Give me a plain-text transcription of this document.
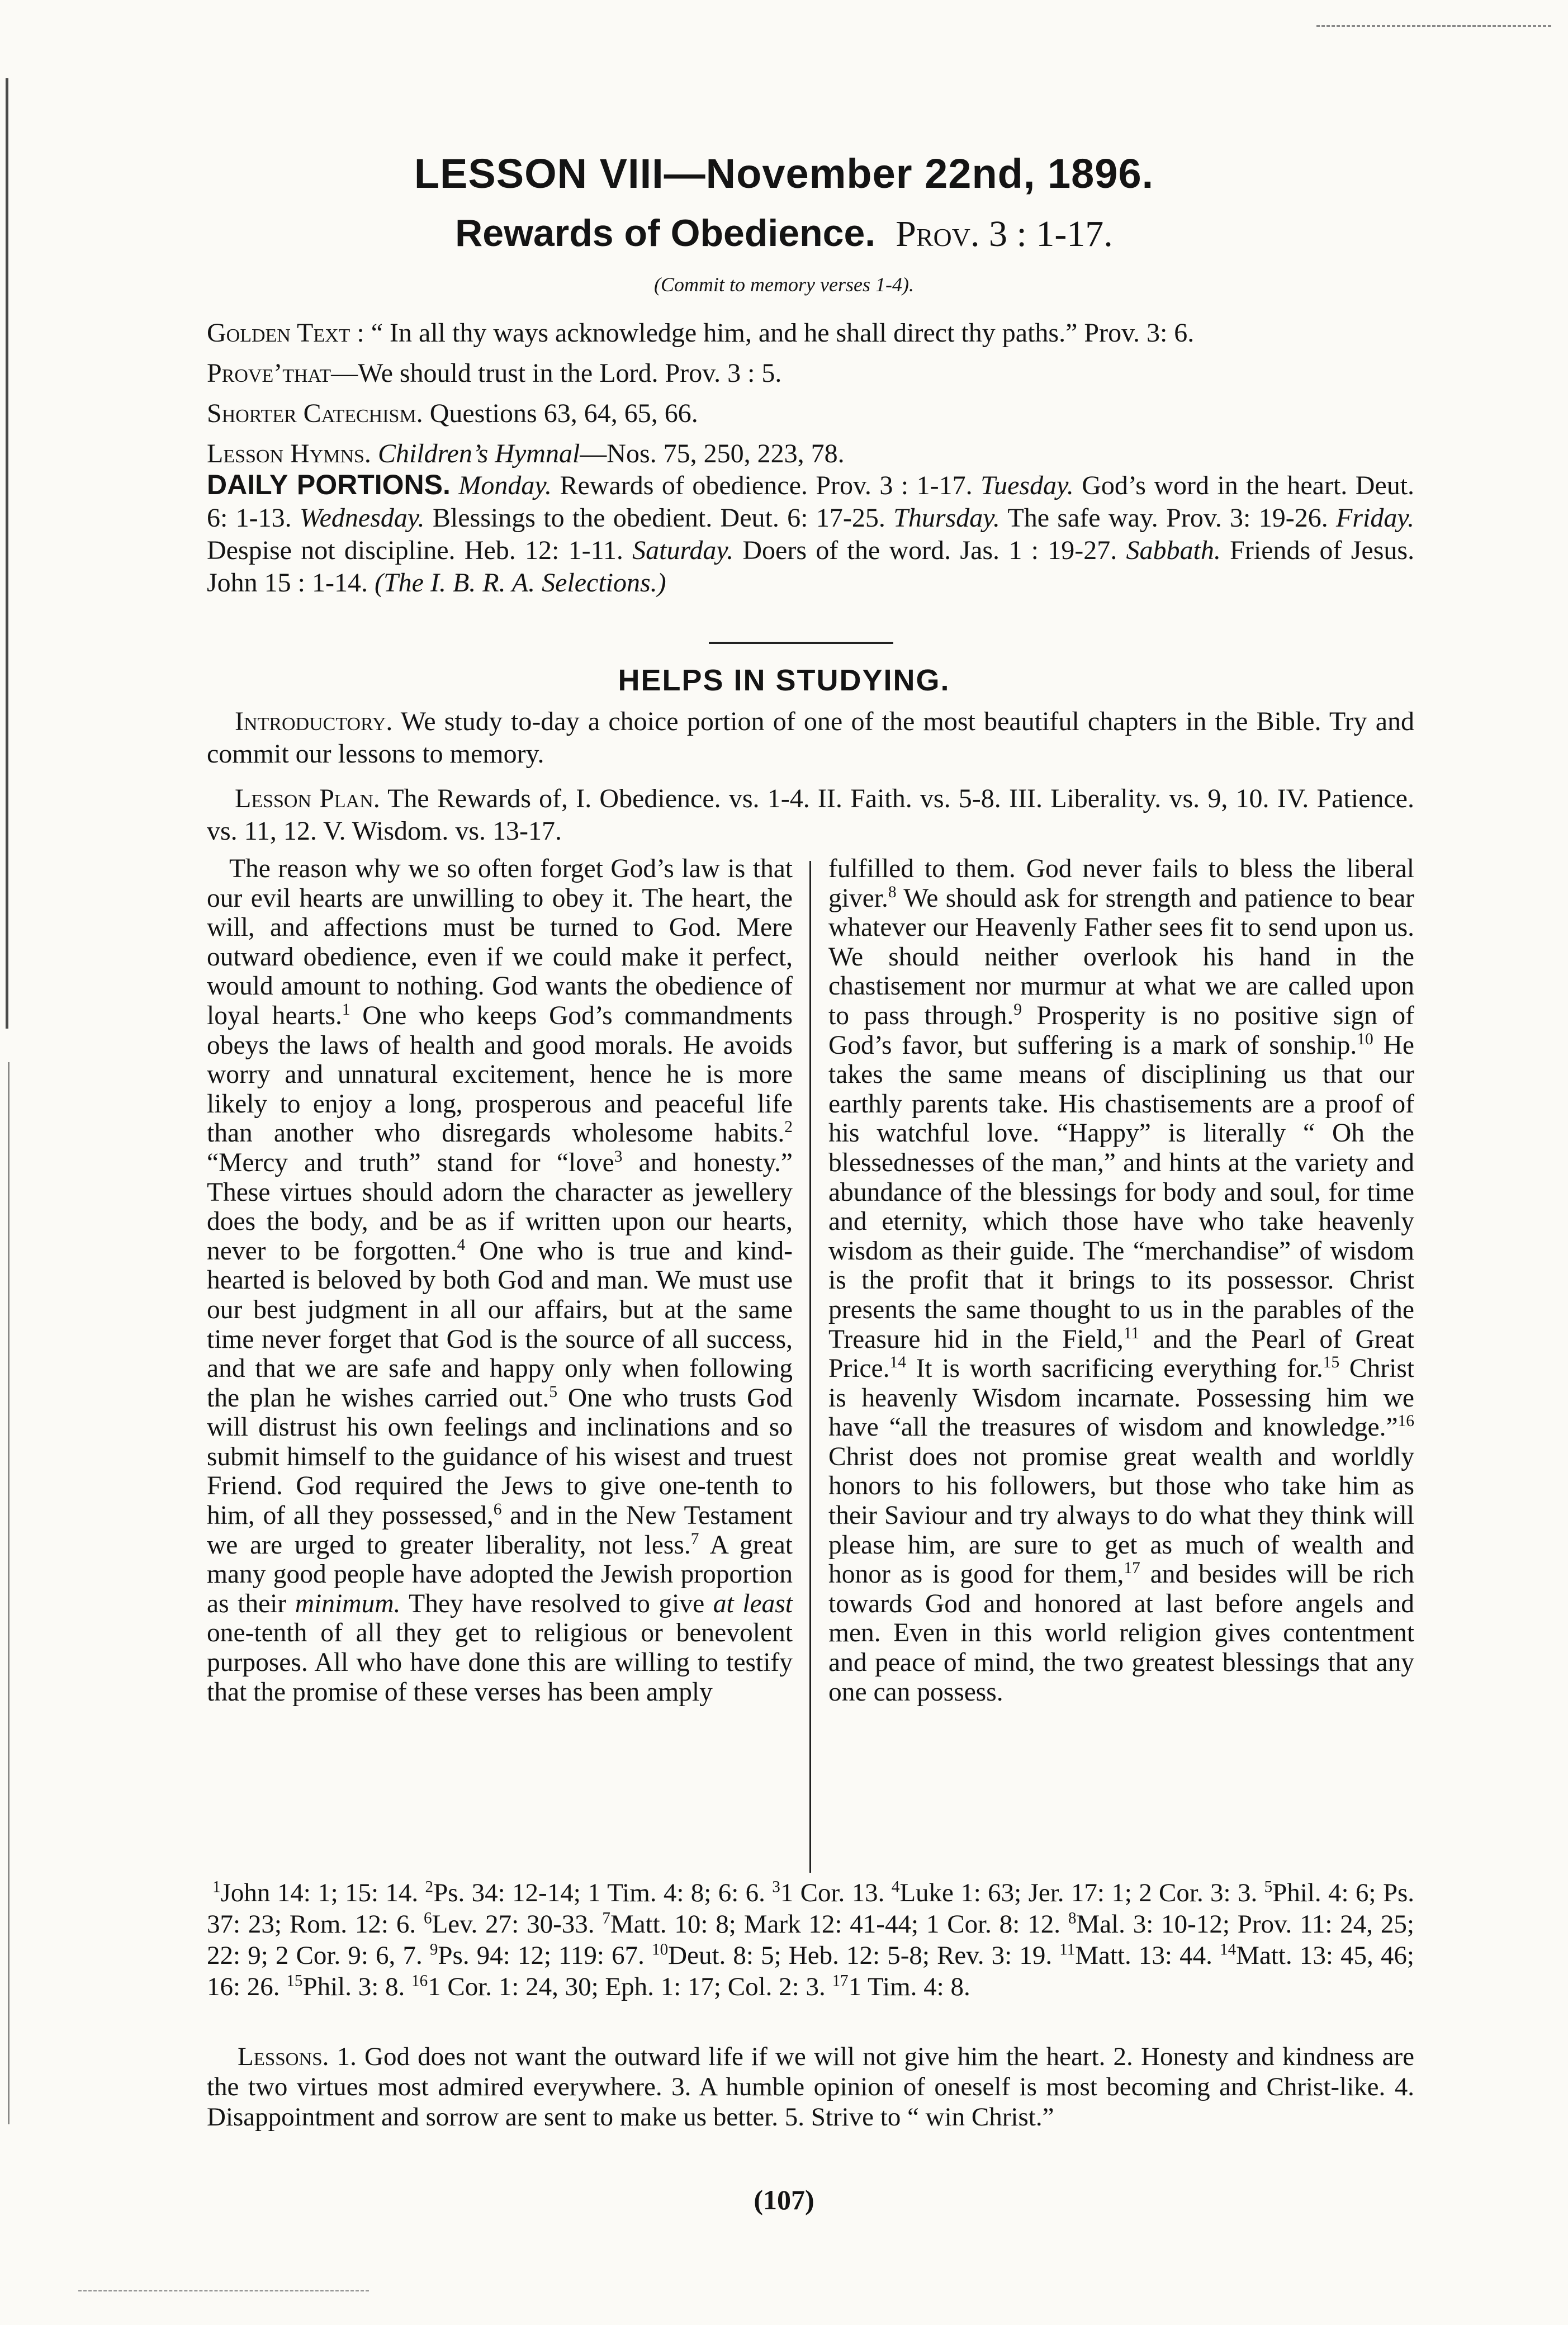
LESSON VIII—November 22nd, 1896.
Rewards of Obedience. Prov. 3 : 1-17.
(Commit to memory verses 1-4).
Golden Text : “ In all thy ways acknowledge him, and he shall direct thy paths.” Prov. 3: 6.
Prove’that—We should trust in the Lord. Prov. 3 : 5.
Shorter Catechism. Questions 63, 64, 65, 66.
Lesson Hymns. Children’s Hymnal—Nos. 75, 250, 223, 78.
DAILY PORTIONS. Monday. Rewards of obedience. Prov. 3 : 1-17. Tuesday. God’s word in the heart. Deut. 6: 1-13. Wednesday. Blessings to the obedient. Deut. 6: 17-25. Thursday. The safe way. Prov. 3: 19-26. Friday. Despise not discipline. Heb. 12: 1-11. Saturday. Doers of the word. Jas. 1 : 19-27. Sabbath. Friends of Jesus. John 15 : 1-14. (The I. B. R. A. Selections.)
HELPS IN STUDYING.
Introductory. We study to-day a choice portion of one of the most beautiful chapters in the Bible. Try and commit our lessons to memory.
Lesson Plan. The Rewards of, I. Obedience. vs. 1-4. II. Faith. vs. 5-8. III. Liberality. vs. 9, 10. IV. Patience. vs. 11, 12. V. Wisdom. vs. 13-17.
The reason why we so often forget God’s law is that our evil hearts are unwilling to obey it. The heart, the will, and affections must be turned to God. Mere outward obedience, even if we could make it perfect, would amount to nothing. God wants the obedience of loyal hearts.$^1$ One who keeps God’s commandments obeys the laws of health and good morals. He avoids worry and unnatural excitement, hence he is more likely to enjoy a long, prosperous and peaceful life than another who disregards wholesome habits.$^2$ “Mercy and truth” stand for “love$^3$ and honesty.” These virtues should adorn the character as jewellery does the body, and be as if written upon our hearts, never to be forgotten.$^4$ One who is true and kind-hearted is beloved by both God and man. We must use our best judgment in all our affairs, but at the same time never forget that God is the source of all success, and that we are safe and happy only when following the plan he wishes carried out.$^5$ One who trusts God will distrust his own feelings and inclinations and so submit himself to the guidance of his wisest and truest Friend. God required the Jews to give one-tenth to him, of all they possessed,$^6$ and in the New Testament we are urged to greater liberality, not less.$^7$ A great many good people have adopted the Jewish proportion as their minimum. They have resolved to give at least one-tenth of all they get to religious or benevolent purposes. All who have done this are willing to testify that the promise of these verses has been amply
fulfilled to them. God never fails to bless the liberal giver.$^8$ We should ask for strength and patience to bear whatever our Heavenly Father sees fit to send upon us. We should neither overlook his hand in the chastisement nor murmur at what we are called upon to pass through.$^9$ Prosperity is no positive sign of God’s favor, but suffering is a mark of sonship.$^{10}$ He takes the same means of disciplining us that our earthly parents take. His chastisements are a proof of his watchful love. “Happy” is literally “ Oh the blessednesses of the man,” and hints at the variety and abundance of the blessings for body and soul, for time and eternity, which those have who take heavenly wisdom as their guide. The “merchandise” of wisdom is the profit that it brings to its possessor. Christ presents the same thought to us in the parables of the Treasure hid in the Field,$^{11}$ and the Pearl of Great Price.$^{14}$ It is worth sacrificing everything for.$^{15}$ Christ is heavenly Wisdom incarnate. Possessing him we have “all the treasures of wisdom and knowledge.”$^{16}$ Christ does not promise great wealth and worldly honors to his followers, but those who take him as their Saviour and try always to do what they think will please him, are sure to get as much of wealth and honor as is good for them,$^{17}$ and besides will be rich towards God and honored at last before angels and men. Even in this world religion gives contentment and peace of mind, the two greatest blessings that any one can possess.
$^1$John 14: 1; 15: 14. $^2$Ps. 34: 12-14; 1 Tim. 4: 8; 6: 6. $^3$1 Cor. 13. $^4$Luke 1: 63; Jer. 17: 1; 2 Cor. 3: 3. $^5$Phil. 4: 6; Ps. 37: 23; Rom. 12: 6. $^6$Lev. 27: 30-33. $^7$Matt. 10: 8; Mark 12: 41-44; 1 Cor. 8: 12. $^8$Mal. 3: 10-12; Prov. 11: 24, 25; 22: 9; 2 Cor. 9: 6, 7. $^9$Ps. 94: 12; 119: 67. $^{10}$Deut. 8: 5; Heb. 12: 5-8; Rev. 3: 19. $^{11}$Matt. 13: 44. $^{14}$Matt. 13: 45, 46; 16: 26. $^{15}$Phil. 3: 8. $^{16}$1 Cor. 1: 24, 30; Eph. 1: 17; Col. 2: 3. $^{17}$1 Tim. 4: 8.
Lessons. 1. God does not want the outward life if we will not give him the heart. 2. Honesty and kindness are the two virtues most admired everywhere. 3. A humble opinion of oneself is most becoming and Christ-like. 4. Disappointment and sorrow are sent to make us better. 5. Strive to “ win Christ.”
(107)
